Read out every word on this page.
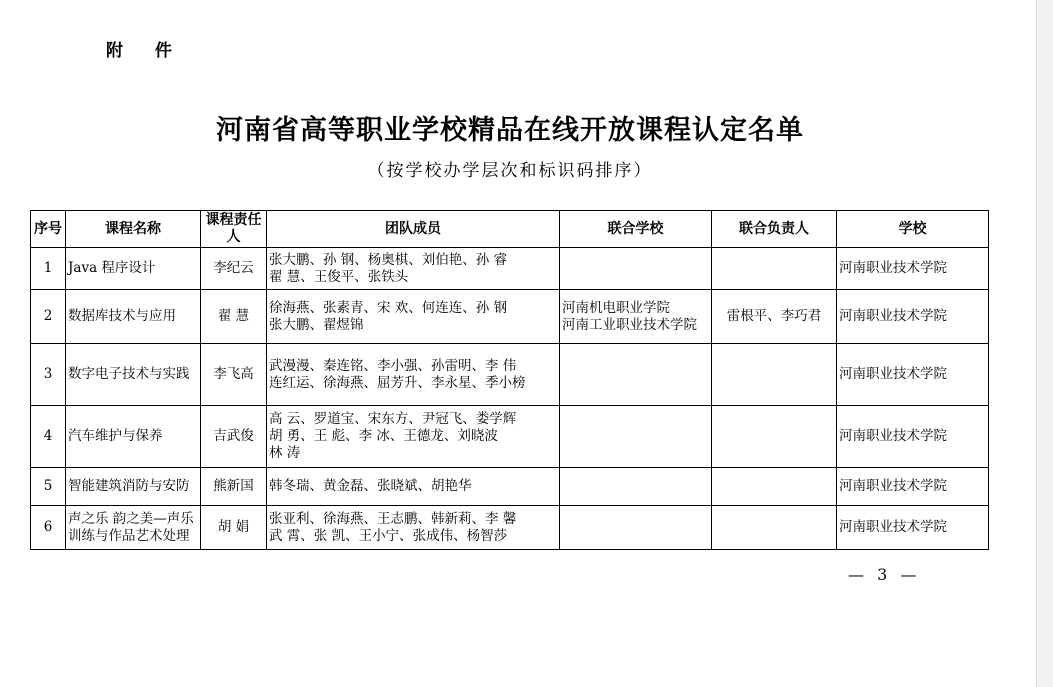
附 件
河南省高等职业学校精品在线开放课程认定名单
（按学校办学层次和标识码排序）
序号	课程名称	课程责任人	团队成员	联合学校	联合负责人	学校
1	Java 程序设计	李纪云	张大鹏、孙 钢、杨奥棋、刘伯艳、孙 睿
翟 慧、王俊平、张铁头			河南职业技术学院
2	数据库技术与应用	翟 慧	徐海燕、张素青、宋 欢、何连连、孙 钢
张大鹏、翟煜锦	河南机电职业学院
河南工业职业技术学院	雷根平、李巧君	河南职业技术学院
3	数字电子技术与实践	李飞高	武漫漫、秦连铭、李小强、孙雷明、李 伟
连红运、徐海燕、屈芳升、李永星、季小榜			河南职业技术学院
4	汽车维护与保养	吉武俊	高 云、罗道宝、宋东方、尹冠飞、娄学辉
胡 勇、王 彪、李 冰、王德龙、刘晓波
林 涛			河南职业技术学院
5	智能建筑消防与安防	熊新国	韩冬瑞、黄金磊、张晓斌、胡艳华			河南职业技术学院
6	声之乐 韵之美—声乐
训练与作品艺术处理	胡 娟	张亚利、徐海燕、王志鹏、韩新莉、李 馨
武 霄、张 凯、王小宁、张成伟、杨智莎			河南职业技术学院
— 3 —
